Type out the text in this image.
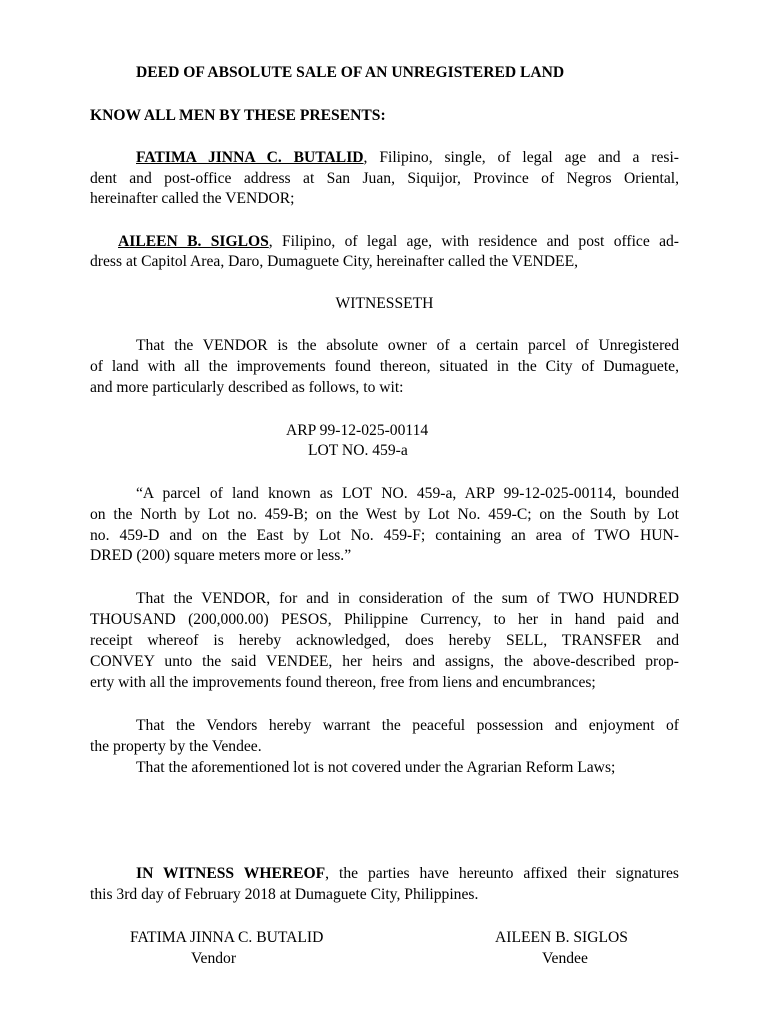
DEED OF ABSOLUTE SALE OF AN UNREGISTERED LAND
KNOW ALL MEN BY THESE PRESENTS:
FATIMA JINNA C. BUTALID, Filipino, single, of legal age and a resi-
dent and post-office address at San Juan, Siquijor, Province of Negros Oriental,
hereinafter called the VENDOR;
AILEEN B. SIGLOS, Filipino, of legal age, with residence and post office ad-
dress at Capitol Area, Daro, Dumaguete City, hereinafter called the VENDEE,
WITNESSETH
That the VENDOR is the absolute owner of a certain parcel of Unregistered
of land with all the improvements found thereon, situated in the City of Dumaguete,
and more particularly described as follows, to wit:
ARP 99-12-025-00114
LOT NO. 459-a
“A parcel of land known as LOT NO. 459-a, ARP 99-12-025-00114, bounded
on the North by Lot no. 459-B; on the West by Lot No. 459-C; on the South by Lot
no. 459-D and on the East by Lot No. 459-F; containing an area of TWO HUN-
DRED (200) square meters more or less.”
That the VENDOR, for and in consideration of the sum of TWO HUNDRED
THOUSAND (200,000.00) PESOS, Philippine Currency, to her in hand paid and
receipt whereof is hereby acknowledged, does hereby SELL, TRANSFER and
CONVEY unto the said VENDEE, her heirs and assigns, the above-described prop-
erty with all the improvements found thereon, free from liens and encumbrances;
That the Vendors hereby warrant the peaceful possession and enjoyment of
the property by the Vendee.
That the aforementioned lot is not covered under the Agrarian Reform Laws;
IN WITNESS WHEREOF, the parties have hereunto affixed their signatures
this 3rd day of February 2018 at Dumaguete City, Philippines.
FATIMA JINNA C. BUTALID
Vendor
AILEEN B. SIGLOS
Vendee
